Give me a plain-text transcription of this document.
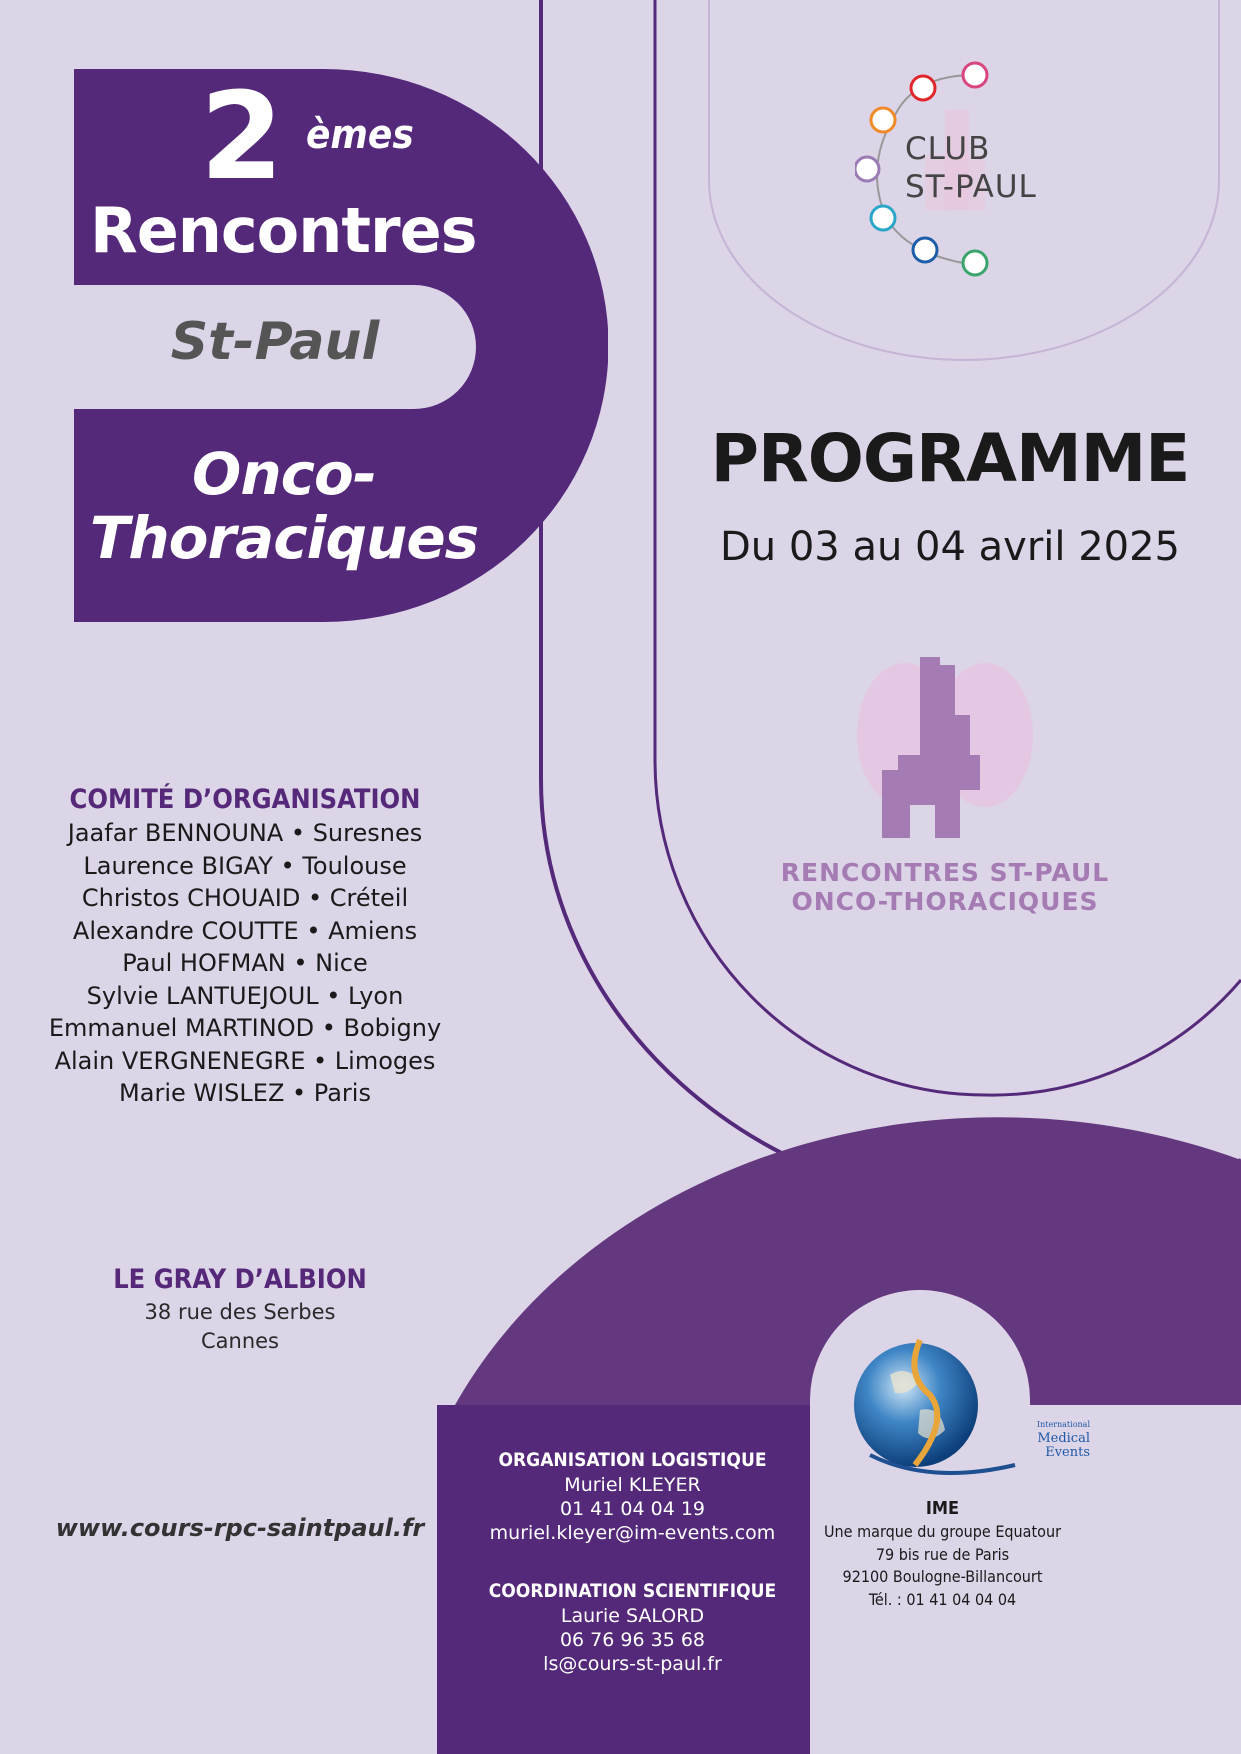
2 èmes
Rencontres
St-Paul
Onco-
Thoraciques
CLUB
ST-PAUL
PROGRAMME
Du 03 au 04 avril 2025
RENCONTRES ST-PAUL
ONCO-THORACIQUES
COMITÉ D’ORGANISATION
Jaafar BENNOUNA • Suresnes
Laurence BIGAY • Toulouse
Christos CHOUAID • Créteil
Alexandre COUTTE • Amiens
Paul HOFMAN • Nice
Sylvie LANTUEJOUL • Lyon
Emmanuel MARTINOD • Bobigny
Alain VERGNENEGRE • Limoges
Marie WISLEZ • Paris
LE GRAY D’ALBION
38 rue des Serbes
Cannes
www.cours-rpc-saintpaul.fr
ORGANISATION LOGISTIQUE
Muriel KLEYER
01 41 04 04 19
muriel.kleyer@im-events.com
COORDINATION SCIENTIFIQUE
Laurie SALORD
06 76 96 35 68
ls@cours-st-paul.fr
International
Medical
Events
IME
Une marque du groupe Equatour
79 bis rue de Paris
92100 Boulogne-Billancourt
Tél. : 01 41 04 04 04
